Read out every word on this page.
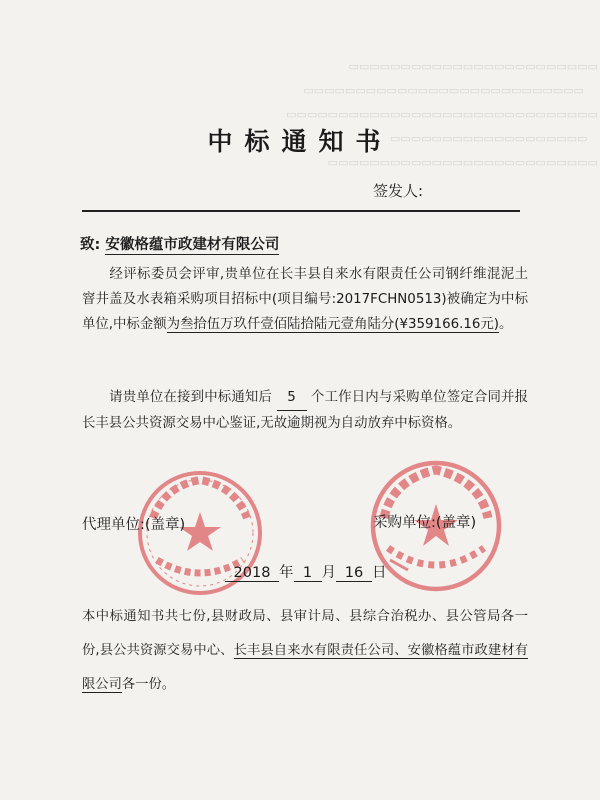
▭▭▭▭▭▭▭▭▭▭▭▭▭▭▭▭▭▭▭▭▭▭▭▭
▭▭▭▭▭▭▭▭▭▭▭▭▭▭▭▭▭▭▭▭▭▭▭▭▭▭▭
▭▭▭▭▭▭▭▭▭▭▭▭▭▭▭▭▭▭▭▭▭▭▭▭▭▭▭▭▭▭
▭▭▭▭▭▭▭▭▭▭▭▭▭▭▭▭▭▭▭
▭▭▭▭▭▭▭▭▭▭▭▭▭▭▭▭▭▭▭▭▭▭▭▭▭▭
中标通知书
签发人:
致: 安徽格蕴市政建材有限公司
经评标委员会评审,贵单位在长丰县自来水有限责任公司钢纤维混泥土窨井盖及水表箱采购项目招标中(项目编号:2017FCHN0513)被确定为中标单位,中标金额为叁拾伍万玖仟壹佰陆拾陆元壹角陆分(¥359166.16元)。
请贵单位在接到中标通知后 5 个工作日内与采购单位签定合同并报长丰县公共资源交易中心鉴证,无故逾期视为自动放弃中标资格。
代理单位:(盖章)	采购单位:(盖章)
2018 年 1 月 16 日
本中标通知书共七份,县财政局、县审计局、县综合治税办、县公管局各一份,县公共资源交易中心、长丰县自来水有限责任公司、安徽格蕴市政建材有限公司各一份。
